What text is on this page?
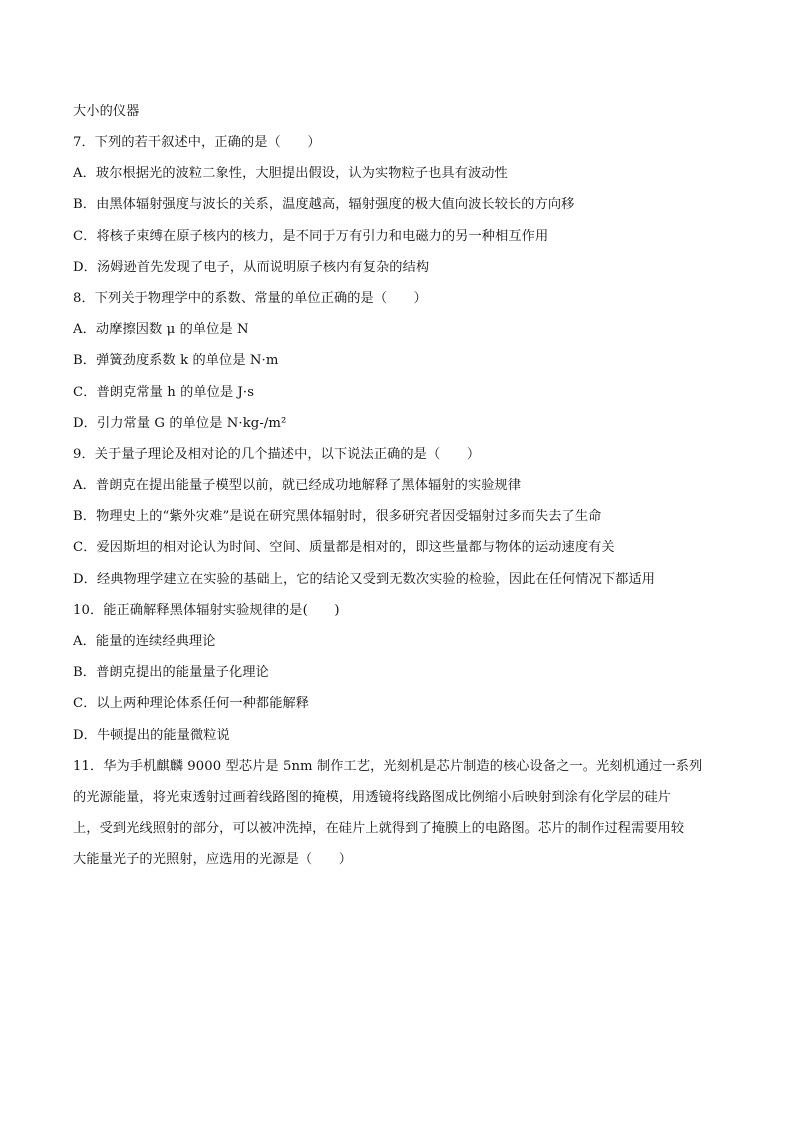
大小的仪器
7．下列的若干叙述中，正确的是（　　）
A．玻尔根据光的波粒二象性，大胆提出假设，认为实物粒子也具有波动性
B．由黑体辐射强度与波长的关系，温度越高，辐射强度的极大值向波长较长的方向移
C．将核子束缚在原子核内的核力，是不同于万有引力和电磁力的另一种相互作用
D．汤姆逊首先发现了电子，从而说明原子核内有复杂的结构
8．下列关于物理学中的系数、常量的单位正确的是（　　）
A．动摩擦因数 μ 的单位是 N
B．弹簧劲度系数 k 的单位是 N·m
C．普朗克常量 h 的单位是 J·s
D．引力常量 G 的单位是 N·kg-/m²
9．关于量子理论及相对论的几个描述中，以下说法正确的是（　　）
A．普朗克在提出能量子模型以前，就已经成功地解释了黑体辐射的实验规律
B．物理史上的“紫外灾难”是说在研究黑体辐射时，很多研究者因受辐射过多而失去了生命
C．爱因斯坦的相对论认为时间、空间、质量都是相对的，即这些量都与物体的运动速度有关
D．经典物理学建立在实验的基础上，它的结论又受到无数次实验的检验，因此在任何情况下都适用
10．能正确解释黑体辐射实验规律的是(　　)
A．能量的连续经典理论
B．普朗克提出的能量量子化理论
C．以上两种理论体系任何一种都能解释
D．牛顿提出的能量微粒说
11．华为手机麒麟 9000 型芯片是 5nm 制作工艺，光刻机是芯片制造的核心设备之一。光刻机通过一系列
的光源能量，将光束透射过画着线路图的掩模，用透镜将线路图成比例缩小后映射到涂有化学层的硅片
上，受到光线照射的部分，可以被冲洗掉，在硅片上就得到了掩膜上的电路图。芯片的制作过程需要用较
大能量光子的光照射，应选用的光源是（　　）
